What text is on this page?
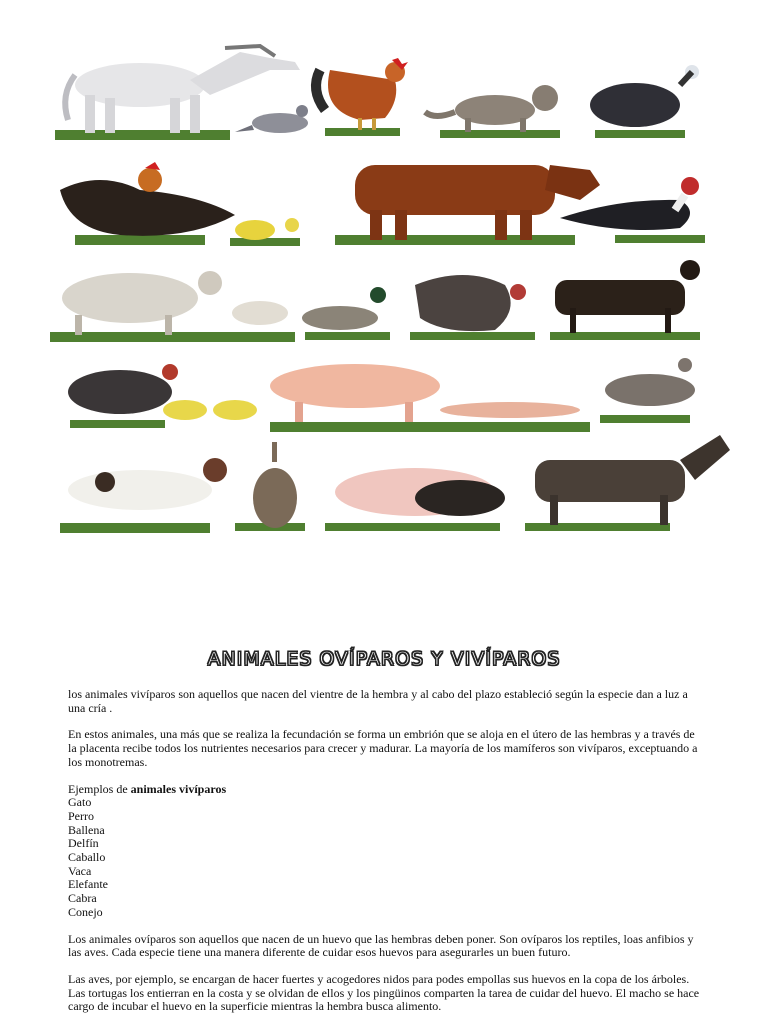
ANIMALES OVÍPAROS Y VIVÍPAROS

los animales vivíparos son aquellos que nacen del vientre de la hembra y al cabo del plazo estableció según la especie dan a luz a una cría .

En estos animales, una más que se realiza la fecundación se forma un embrión que se aloja en el útero de las hembras y a través de la placenta recibe todos los nutrientes necesarios para crecer y madurar. La mayoría de los mamíferos son vivíparos, exceptuando a los monotremas.

Ejemplos de animales vivíparos
Gato
Perro
Ballena
Delfín
Caballo
Vaca
Elefante
Cabra
Conejo

Los animales ovíparos son aquellos que nacen de un huevo que las hembras deben poner. Son ovíparos los reptiles, loas anfibios y las aves. Cada especie tiene una manera diferente de cuidar esos huevos para asegurarles un buen futuro.

Las aves, por ejemplo, se encargan de hacer fuertes y acogedores nidos para podes empollas sus huevos en la copa de los árboles. Las tortugas los entierran en la costa y se olvidan de ellos y los pingüinos comparten la tarea de cuidar del huevo. El macho se hace cargo de incubar el huevo en la superficie mientras la hembra busca alimento.
